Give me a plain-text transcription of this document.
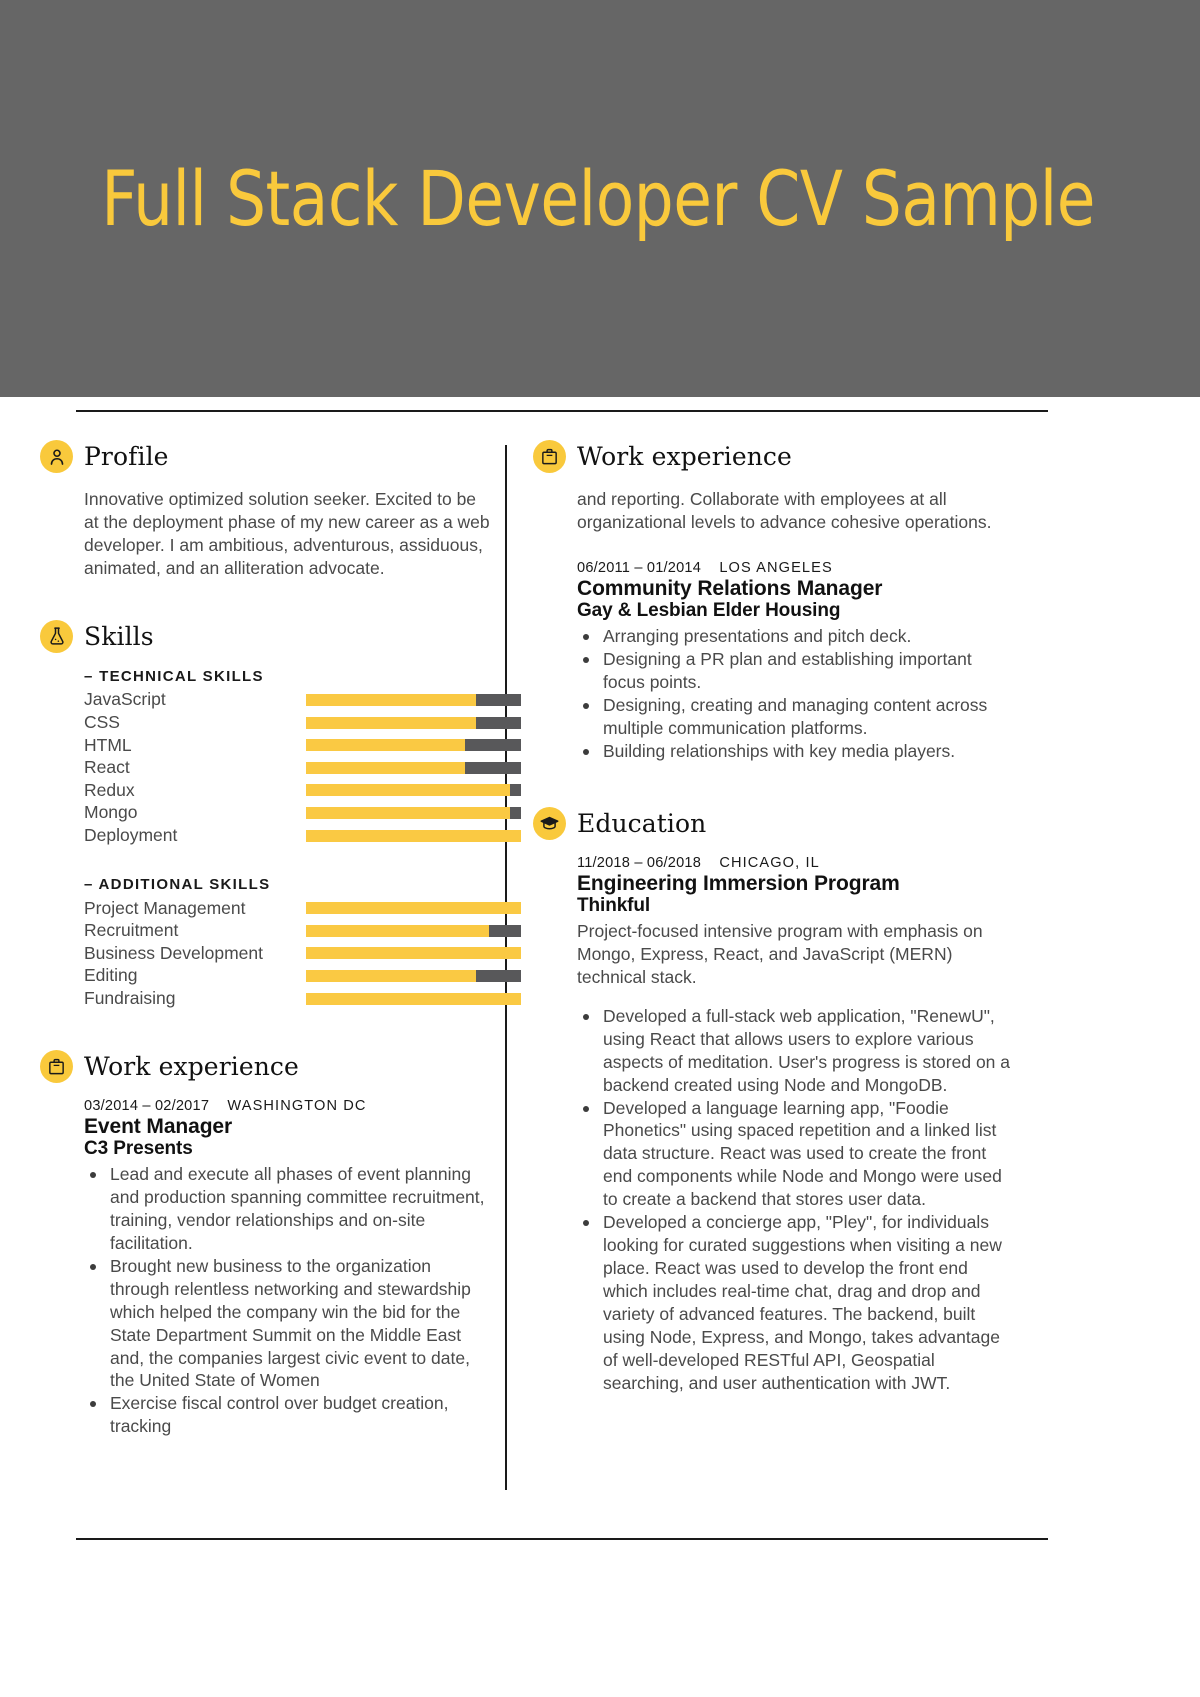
Full Stack Developer CV Sample
Profile

Innovative optimized solution seeker. Excited to be at the deployment phase of my new career as a web developer. I am ambitious, adventurous, assiduous, animated, and an alliteration advocate.

Skills
– TECHNICAL SKILLS
JavaScript
CSS
HTML
React
Redux
Mongo
Deployment
– ADDITIONAL SKILLS
Project Management
Recruitment
Business Development
Editing
Fundraising
Work experience
03/2014 – 02/2017 WASHINGTON DC
Event Manager
C3 Presents
Lead and execute all phases of event planning and production spanning committee recruitment, training, vendor relationships and on-site facilitation.
Brought new business to the organization through relentless networking and stewardship which helped the company win the bid for the State Department Summit on the Middle East and, the companies largest civic event to date, the United State of Women
Exercise fiscal control over budget creation, tracking
Work experience

and reporting. Collaborate with employees at all organizational levels to advance cohesive operations.

06/2011 – 01/2014 LOS ANGELES
Community Relations Manager
Gay & Lesbian Elder Housing
Arranging presentations and pitch deck.
Designing a PR plan and establishing important focus points.
Designing, creating and managing content across multiple communication platforms.
Building relationships with key media players.
Education
11/2018 – 06/2018 CHICAGO, IL
Engineering Immersion Program
Thinkful

Project-focused intensive program with emphasis on Mongo, Express, React, and JavaScript (MERN) technical stack.

Developed a full-stack web application, "RenewU", using React that allows users to explore various aspects of meditation. User's progress is stored on a backend created using Node and MongoDB.
Developed a language learning app, "Foodie Phonetics" using spaced repetition and a linked list data structure. React was used to create the front end components while Node and Mongo were used to create a backend that stores user data.
Developed a concierge app, "Pley", for individuals looking for curated suggestions when visiting a new place. React was used to develop the front end which includes real-time chat, drag and drop and variety of advanced features. The backend, built using Node, Express, and Mongo, takes advantage of well-developed RESTful API, Geospatial searching, and user authentication with JWT.
